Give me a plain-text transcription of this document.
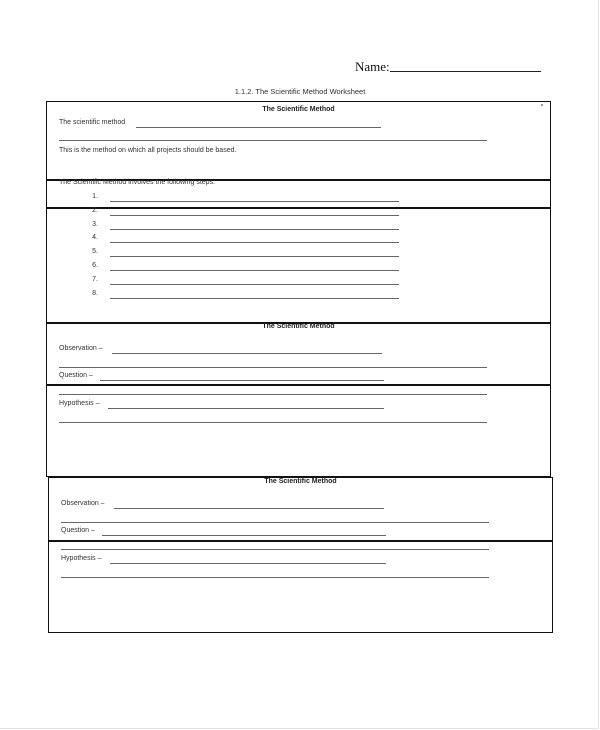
Name:
1.1.2. The Scientific Method Worksheet
The Scientific Method
The scientific method
This is the method on which all projects should be based.
The Scientific Method involves the following steps:
1.
2.
3.
4.
5.
6.
7.
8.
The Scientific Method
Observation –
Question –
Hypothesis –
The Scientific Method
Observation –
Question –
Hypothesis –
